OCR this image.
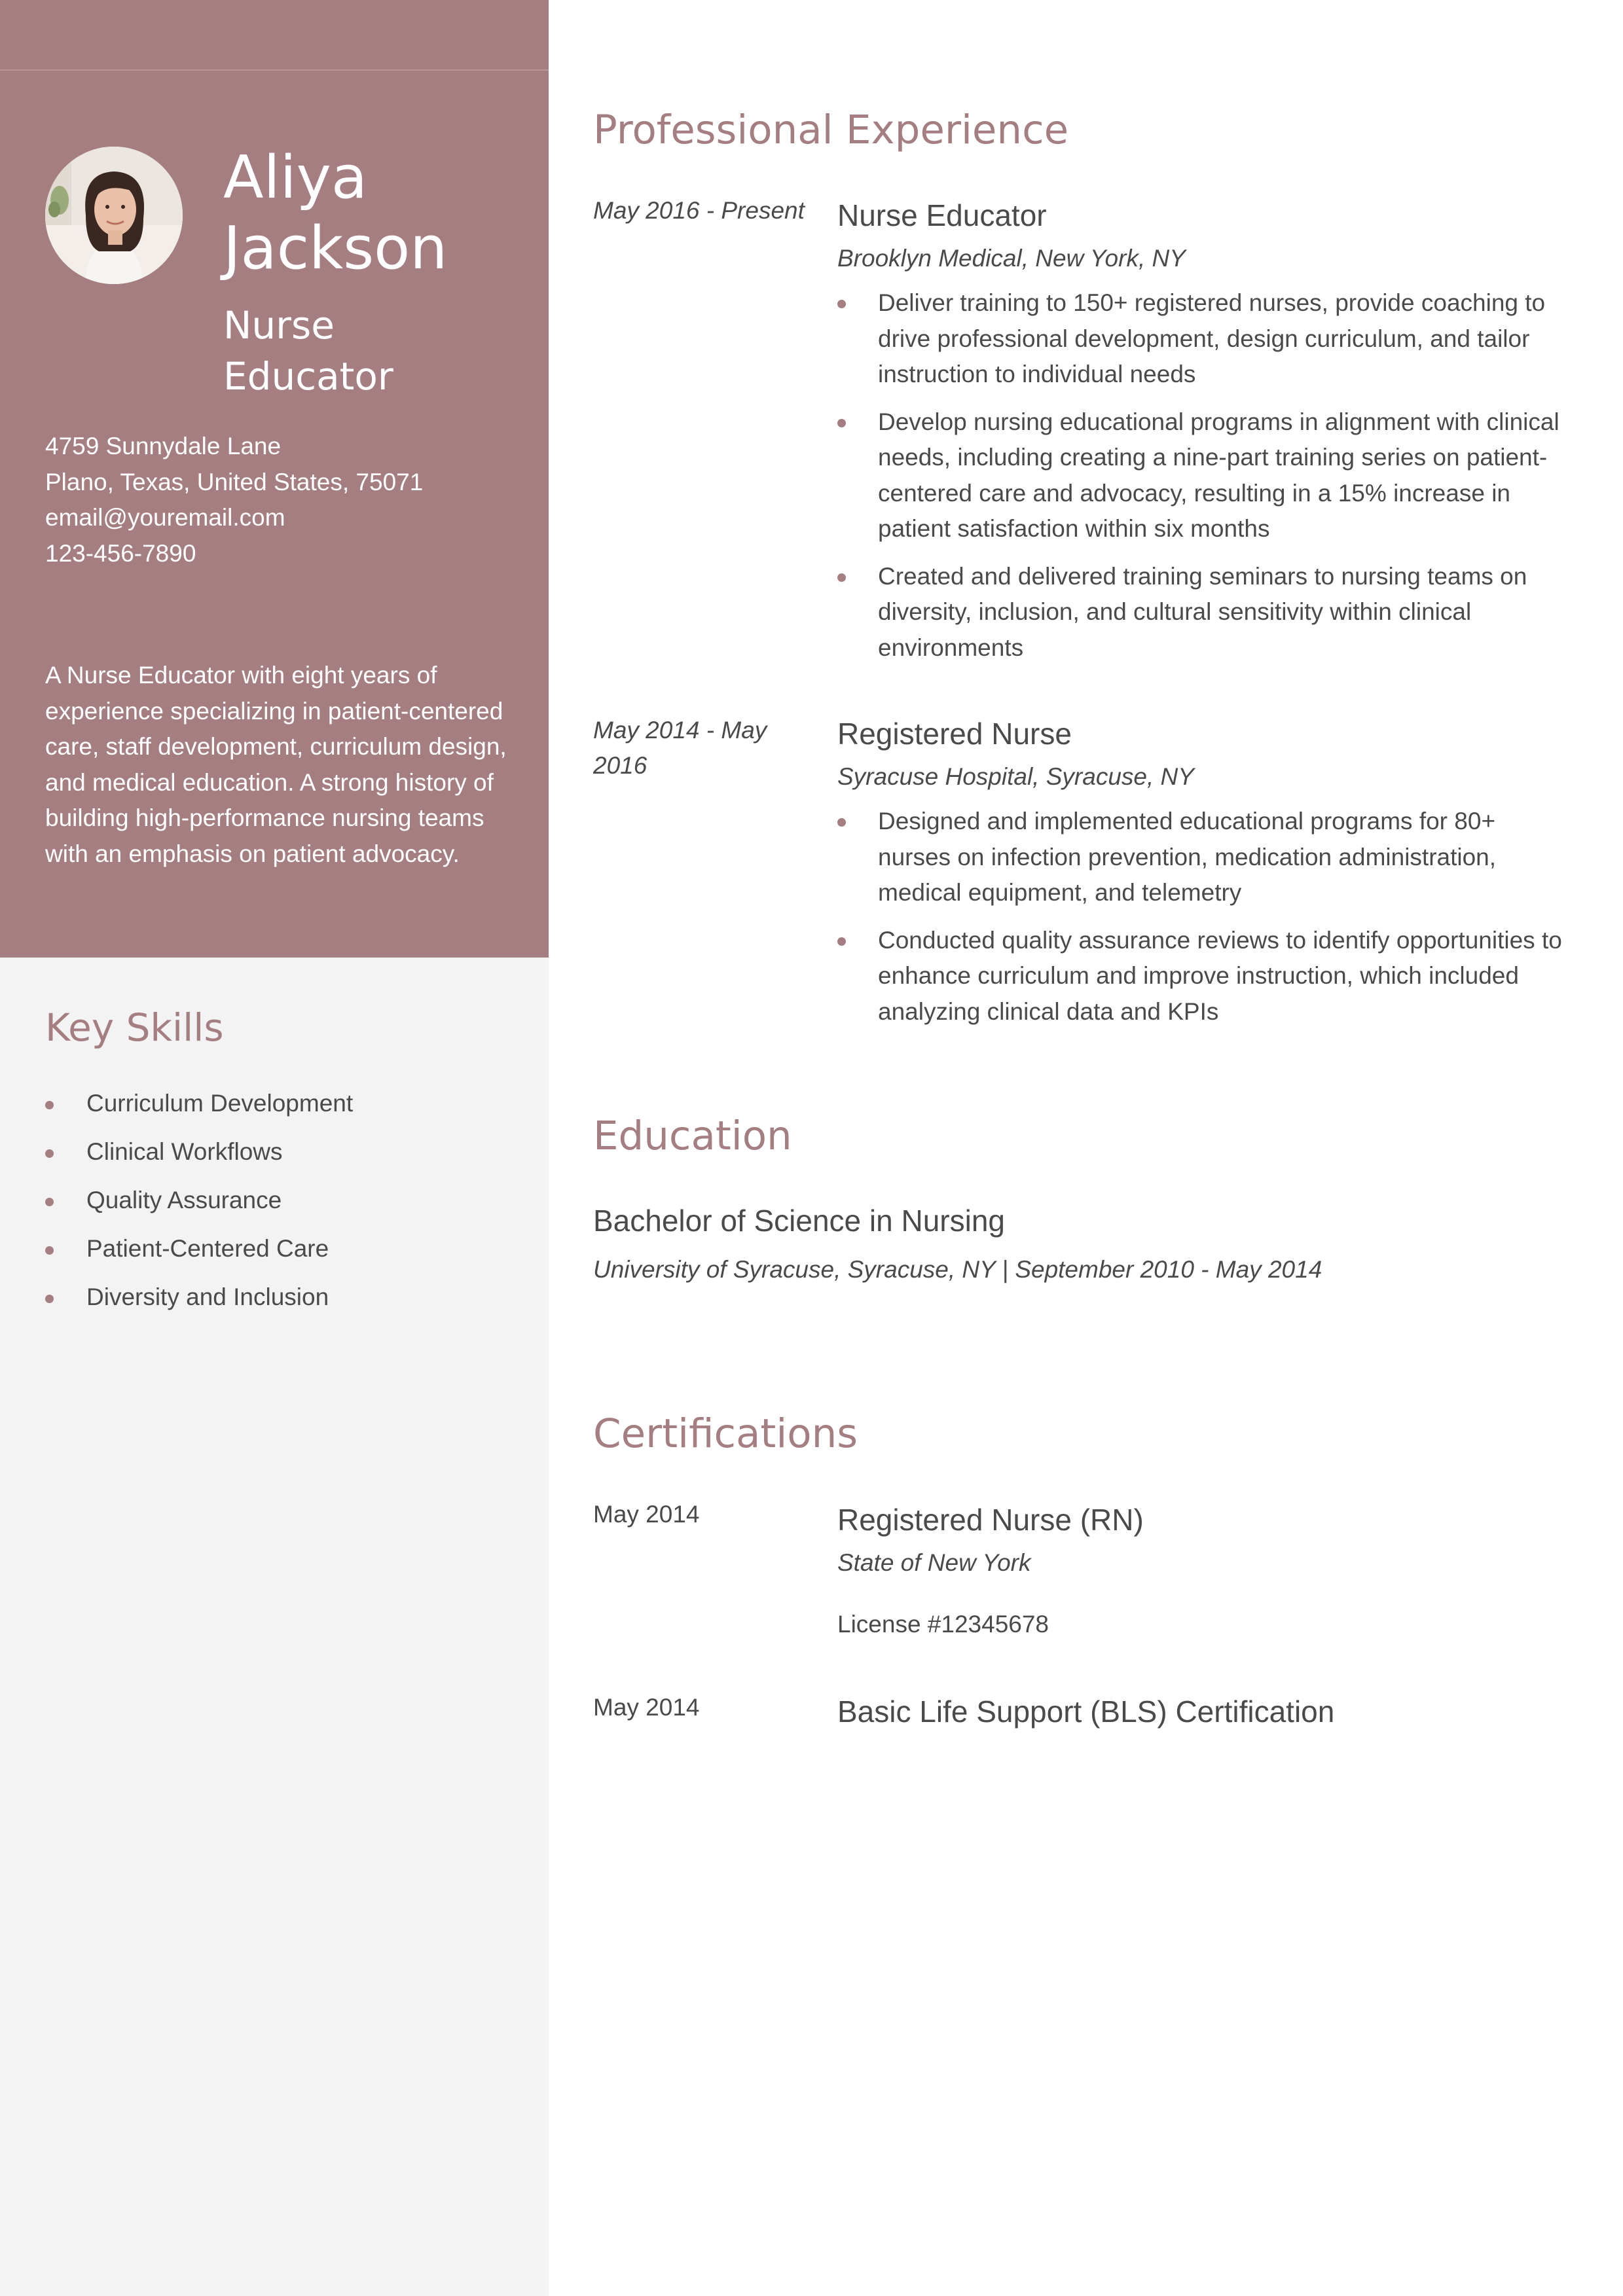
Aliya
Jackson
Nurse
Educator
4759 Sunnydale Lane
Plano, Texas, United States, 75071
email@youremail.com
123-456-7890
A Nurse Educator with eight years of experience specializing in patient-centered care, staff development, curriculum design, and medical education. A strong history of building high-performance nursing teams with an emphasis on patient advocacy.
Key Skills
Curriculum Development
Clinical Workflows
Quality Assurance
Patient-Centered Care
Diversity and Inclusion
Professional Experience
May 2016 - Present Nurse Educator
Brooklyn Medical, New York, NY
Deliver training to 150+ registered nurses, provide coaching to drive professional development, design curriculum, and tailor instruction to individual needs
Develop nursing educational programs in alignment with clinical needs, including creating a nine-part training series on patient-centered care and advocacy, resulting in a 15% increase in patient satisfaction within six months
Created and delivered training seminars to nursing teams on diversity, inclusion, and cultural sensitivity within clinical environments
May 2014 - May 2016
Registered Nurse
Syracuse Hospital, Syracuse, NY
Designed and implemented educational programs for 80+ nurses on infection prevention, medication administration, medical equipment, and telemetry
Conducted quality assurance reviews to identify opportunities to enhance curriculum and improve instruction, which included analyzing clinical data and KPIs
Education
Bachelor of Science in Nursing
University of Syracuse, Syracuse, NY | September 2010 - May 2014
Certifications
May 2014	Registered Nurse (RN)
State of New York
License #12345678
May 2014	Basic Life Support (BLS) Certification
